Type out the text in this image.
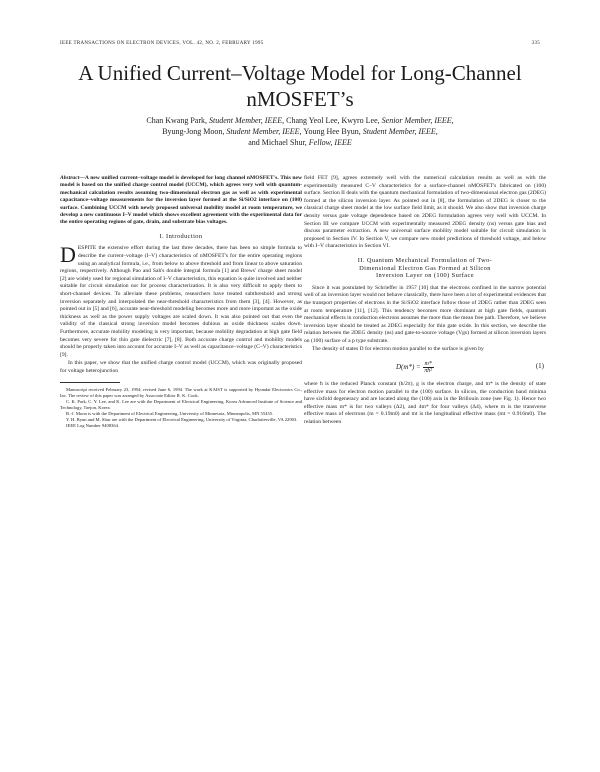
IEEE TRANSACTIONS ON ELECTRON DEVICES, VOL. 42, NO. 2, FEBRUARY 1995	335
A Unified Current–Voltage Model for Long-Channel
nMOSFET’s
Chan Kwang Park, Student Member, IEEE, Chang Yeol Lee, Kwyro Lee, Senior Member, IEEE,
Byung-Jong Moon, Student Member, IEEE, Young Hee Byun, Student Member, IEEE,
and Michael Shur, Fellow, IEEE
Abstract—A new unified current–voltage model is developed for long channel nMOSFET's. This new model is based on the unified charge control model (UCCM), which agrees very well with quantum-mechanical calculation results assuming two-dimensional electron gas as well as with experimental capacitance–voltage measurements for the inversion layer formed at the Si/SiO2 interface on (100) surface. Combining UCCM with newly proposed universal mobility model at room temperature, we develop a new continuous I–V model which shows excellent agreement with the experimental data for the entire operating regions of gate, drain, and substrate bias voltages.
I. Introduction

DESPITE the extensive effort during the last three decades, there has been no simple formula to describe the current–voltage (I–V) characteristics of nMOSFET's for the entire operating regions using an analytical formula, i.e., from below to above threshold and from linear to above saturation regions, respectively. Although Pao and Sah's double integral formula [1] and Brews' charge sheet model [2] are widely used for regional simulation of I–V characteristics, this equation is quite involved and neither suitable for circuit simulation nor for process characterization. It is also very difficult to apply them to short-channel devices. To alleviate these problems, researchers have treated subthreshold and strong inversion separately and interpolated the near-threshold characteristics from them [3], [4]. However, as pointed out in [5] and [6], accurate near-threshold modeling becomes more and more important as the oxide thickness as well as the power supply voltages are scaled down. It was also pointed out that even the validity of the classical strong inversion model becomes dubious as oxide thickness scales down. Furthermore, accurate mobility modeling is very important, because mobility degradation at high gate field becomes very severe for thin gate dielectric [7], [8]. Both accurate charge control and mobility models should be properly taken into account for accurate I–V as well as capacitance–voltage (C–V) characteristics [9].

In this paper, we show that the unified charge control model (UCCM), which was originally proposed for voltage heterojunction

Manuscript received February 23, 1994; revised June 6, 1994. The work at KAIST is supported by Hyundai Electronics Co., Inc. The review of this paper was arranged by Associate Editor R. K. Cook.

C. K. Park, C. Y. Lee, and K. Lee are with the Department of Electrical Engineering, Korea Advanced Institute of Science and Technology, Taejon, Korea.

B.-J. Moon is with the Department of Electrical Engineering, University of Minnesota, Minneapolis, MN 55455.

Y. H. Byun and M. Shur are with the Department of Electrical Engineering, University of Virginia, Charlottesville, VA 22903.

IEEE Log Number 9408364.

field FET [9], agrees extremely well with the numerical calculation results as well as with the experimentally measured C–V characteristics for a surface-channel nMOSFET's fabricated on (100) surface. Section II deals with the quantum mechanical formulation of two-dimensional electron gas (2DEG) formed at the silicon inversion layer. As pointed out in [8], the formulation of 2DEG is closer to the classical charge sheet model at the low surface field limit, as it should. We also show that inversion charge density versus gate voltage dependence based on 2DEG formulation agrees very well with UCCM. In Section III we compare UCCM with experimentally measured 2DEG density (ns) versus gate bias and discuss parameter extraction. A new universal surface mobility model suitable for circuit simulation is proposed in Section IV. In Section V, we compare new model predictions of threshold voltage, and below with I–V characteristics in Section VI.

II. Quantum Mechanical Formulation of Two-
Dimensional Electron Gas Formed at Silicon
Inversion Layer on (100) Surface

Since it was postulated by Schrieffer in 1957 [10] that the electrons confined in the narrow potential well of an inversion layer would not behave classically, there have been a lot of experimental evidences that the transport properties of electrons in the Si/SiO2 interface follow those of 2DEG rather than 2DEG seen at room temperature [11], [12]. This tendency becomes more dominant at high gate fields, quantum mechanical effects in conduction electrons assumes the more than the mean free path. Therefore, we believe inversion layer should be treated as 2DEG especially for thin gate oxide. In this section, we describe the relation between the 2DEG density (ns) and gate-to-source voltage (Vgs) formed at silicon inversion layers on (100) surface of a p type substrate.

The density of states D for electron motion parallel to the surface is given by

$D(m*) = \frac{m*}{\text{πħ²}}$	(1)

where ħ is the reduced Planck constant (h/2π), g is the electron charge, and m* is the density of state effective mass for electron motion parallel to the (100) surface. In silicon, the conduction band minima have sixfold degeneracy and are located along the (100) axis in the Brillouin zone (see Fig. 1). Hence two effective mass m* is for two valleys (Δ2), and 4m* for four valleys (Δ4), where m is the transverse effective mass of electrons (m = 0.19m0) and mt is the longitudinal effective mass (mt = 0.916m0). The relation between
